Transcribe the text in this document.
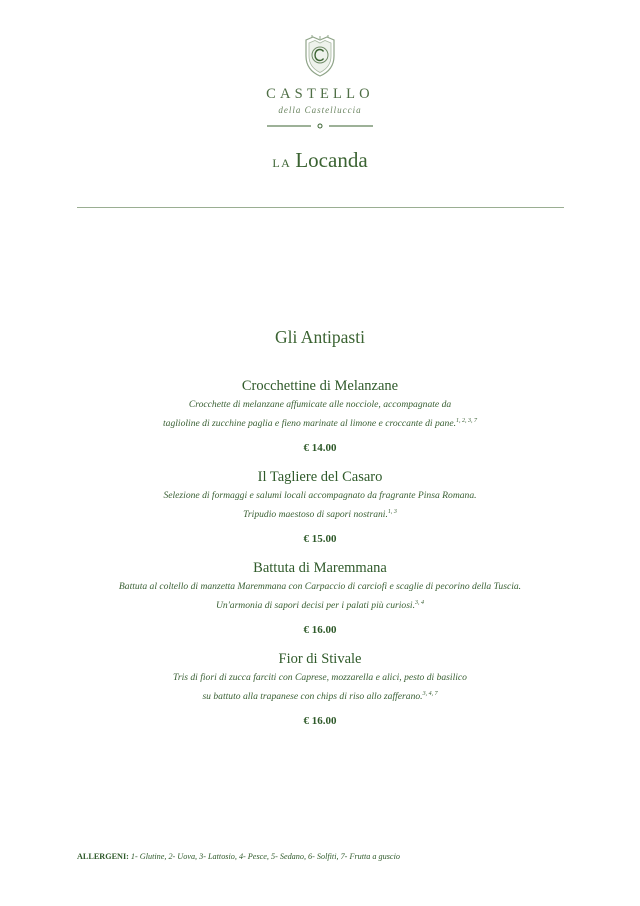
CASTELLO
della Castelluccia
LA Locanda
Gli Antipasti
Crocchettine di Melanzane
Crocchette di melanzane affumicate alle nocciole, accompagnate da
taglioline di zucchine paglia e fieno marinate al limone e croccante di pane.$^{1, 2, 3, 7}$
€ 14.00
Il Tagliere del Casaro
Selezione di formaggi e salumi locali accompagnato da fragrante Pinsa Romana.
Tripudio maestoso di sapori nostrani.$^{1, 3}$
€ 15.00
Battuta di Maremmana
Battuta al coltello di manzetta Maremmana con Carpaccio di carciofi e scaglie di pecorino della Tuscia.
Un'armonia di sapori decisi per i palati più curiosi.$^{3, 4}$
€ 16.00
Fior di Stivale
Tris di fiori di zucca farciti con Caprese, mozzarella e alici, pesto di basilico
su battuto alla trapanese con chips di riso allo zafferano.$^{3, 4, 7}$
€ 16.00
ALLERGENI: 1- Glutine, 2- Uova, 3- Lattosio, 4- Pesce, 5- Sedano, 6- Solfiti, 7- Frutta a guscio
